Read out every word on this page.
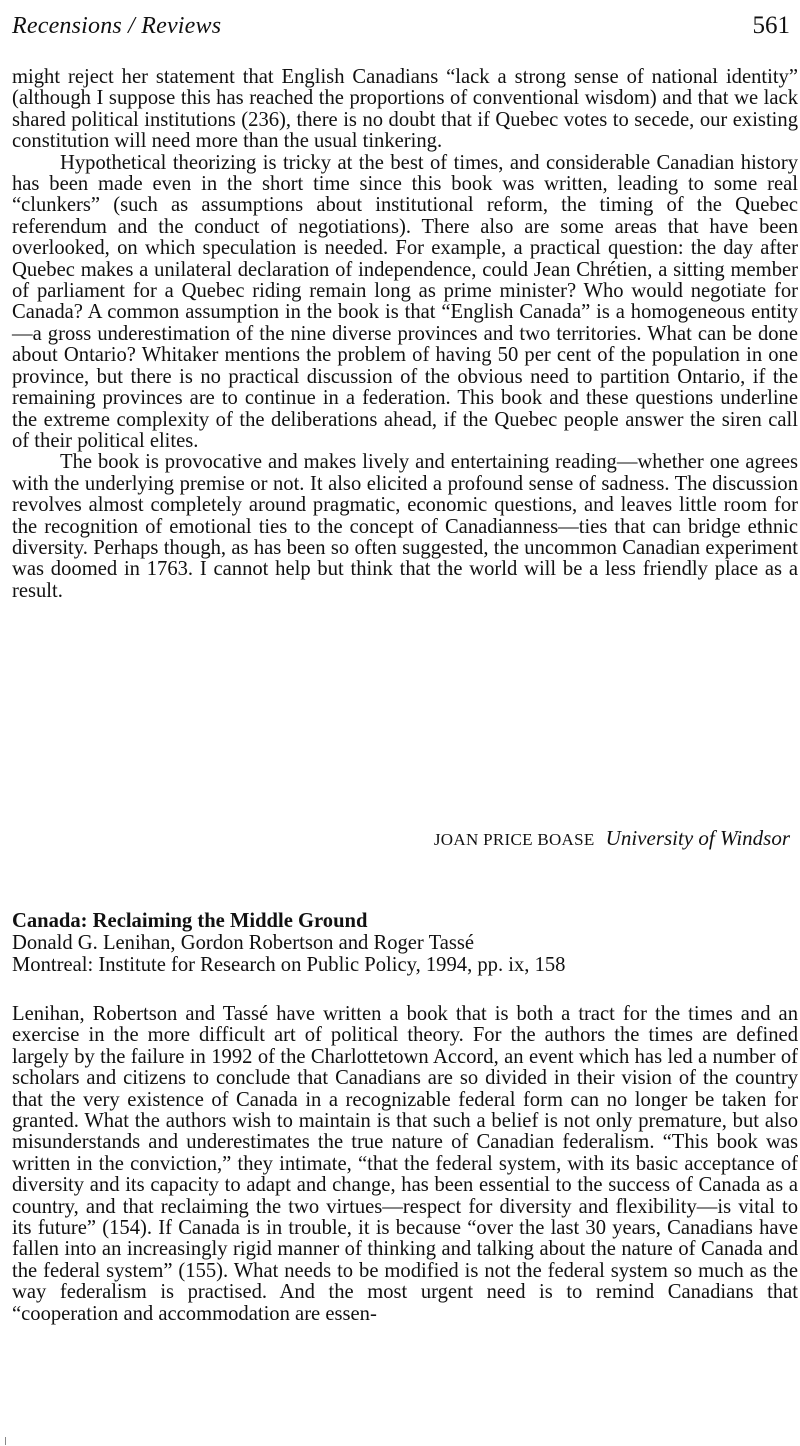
Recensions / Reviews	561

might reject her statement that English Canadians “lack a strong sense of national identity” (although I suppose this has reached the proportions of conventional wisdom) and that we lack shared political institutions (236), there is no doubt that if Quebec votes to secede, our existing constitution will need more than the usual tinkering.

Hypothetical theorizing is tricky at the best of times, and considerable Canadian history has been made even in the short time since this book was written, leading to some real “clunkers” (such as assumptions about institutional reform, the timing of the Quebec referendum and the conduct of negotiations). There also are some areas that have been overlooked, on which speculation is needed. For example, a practical question: the day after Quebec makes a unilateral declaration of independence, could Jean Chrétien, a sitting member of parliament for a Quebec riding remain long as prime minister? Who would negotiate for Canada? A common assumption in the book is that “English Canada” is a homogeneous entity—a gross underestimation of the nine diverse provinces and two territories. What can be done about Ontario? Whitaker mentions the problem of having 50 per cent of the population in one province, but there is no practical discussion of the obvious need to partition Ontario, if the remaining provinces are to continue in a federation. This book and these questions underline the extreme complexity of the deliberations ahead, if the Quebec people answer the siren call of their political elites.

The book is provocative and makes lively and entertaining reading—whether one agrees with the underlying premise or not. It also elicited a profound sense of sadness. The discussion revolves almost completely around pragmatic, economic questions, and leaves little room for the recognition of emotional ties to the concept of Canadianness—ties that can bridge ethnic diversity. Perhaps though, as has been so often suggested, the uncommon Canadian experiment was doomed in 1763. I cannot help but think that the world will be a less friendly place as a result.

JOAN PRICE BOASE University of Windsor
Canada: Reclaiming the Middle Ground
Donald G. Lenihan, Gordon Robertson and Roger Tassé
Montreal: Institute for Research on Public Policy, 1994, pp. ix, 158

Lenihan, Robertson and Tassé have written a book that is both a tract for the times and an exercise in the more difficult art of political theory. For the authors the times are defined largely by the failure in 1992 of the Charlottetown Accord, an event which has led a number of scholars and citizens to conclude that Canadians are so divided in their vision of the country that the very existence of Canada in a recognizable federal form can no longer be taken for granted. What the authors wish to maintain is that such a belief is not only premature, but also misunderstands and underestimates the true nature of Canadian federalism. “This book was written in the conviction,” they intimate, “that the federal system, with its basic acceptance of diversity and its capacity to adapt and change, has been essential to the success of Canada as a country, and that reclaiming the two virtues—respect for diversity and flexibility—is vital to its future” (154). If Canada is in trouble, it is because “over the last 30 years, Canadians have fallen into an increasingly rigid manner of thinking and talking about the nature of Canada and the federal system” (155). What needs to be modified is not the federal system so much as the way federalism is practised. And the most urgent need is to remind Canadians that “cooperation and accommodation are essen-
